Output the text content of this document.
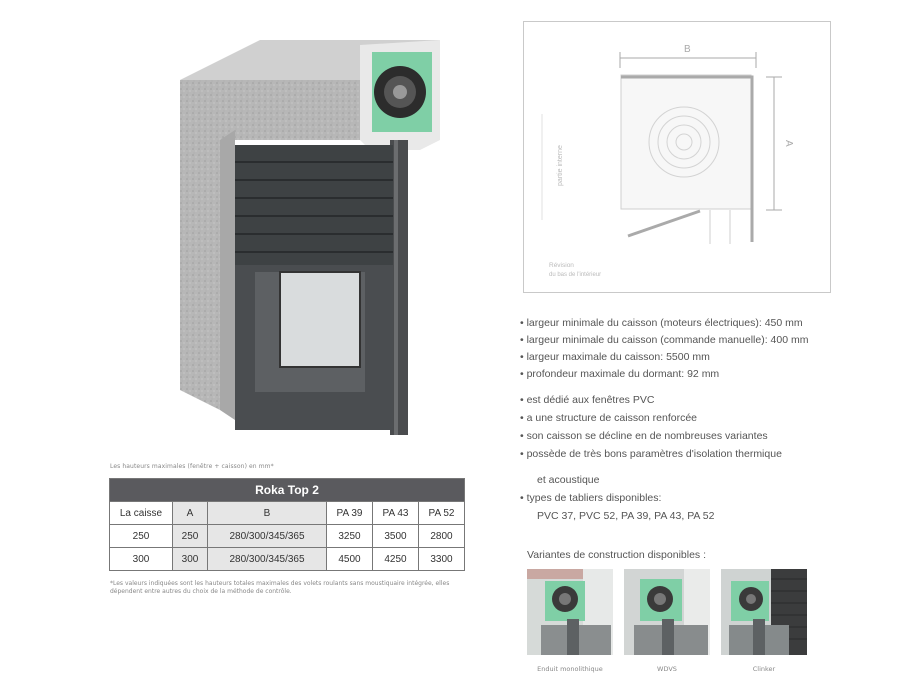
Les hauteurs maximales (fenêtre + caisson) en mm*
Roka Top 2					
La caisse	A	B	PA 39	PA 43	PA 52
250	250	280/300/345/365	3250	3500	2800
300	300	280/300/345/365	4500	4250	3300
*Les valeurs indiquées sont les hauteurs totales maximales des volets roulants sans moustiquaire intégrée, elles dépendent entre autres du choix de la méthode de contrôle.
B
A
partie interne
Révision
du bas de l'intérieur
• largeur minimale du caisson (moteurs électriques): 450 mm
• largeur minimale du caisson (commande manuelle): 400 mm
• largeur maximale du caisson: 5500 mm
• profondeur maximale du dormant: 92 mm
• est dédié aux fenêtres PVC
• a une structure de caisson renforcée
• son caisson se décline en de nombreuses variantes
• possède de très bons paramètres d'isolation thermique
et acoustique
• types de tabliers disponibles:
PVC 37, PVC 52, PA 39, PA 43, PA 52
Variantes de construction disponibles :
Enduit monolithique	WDVS	Clinker
